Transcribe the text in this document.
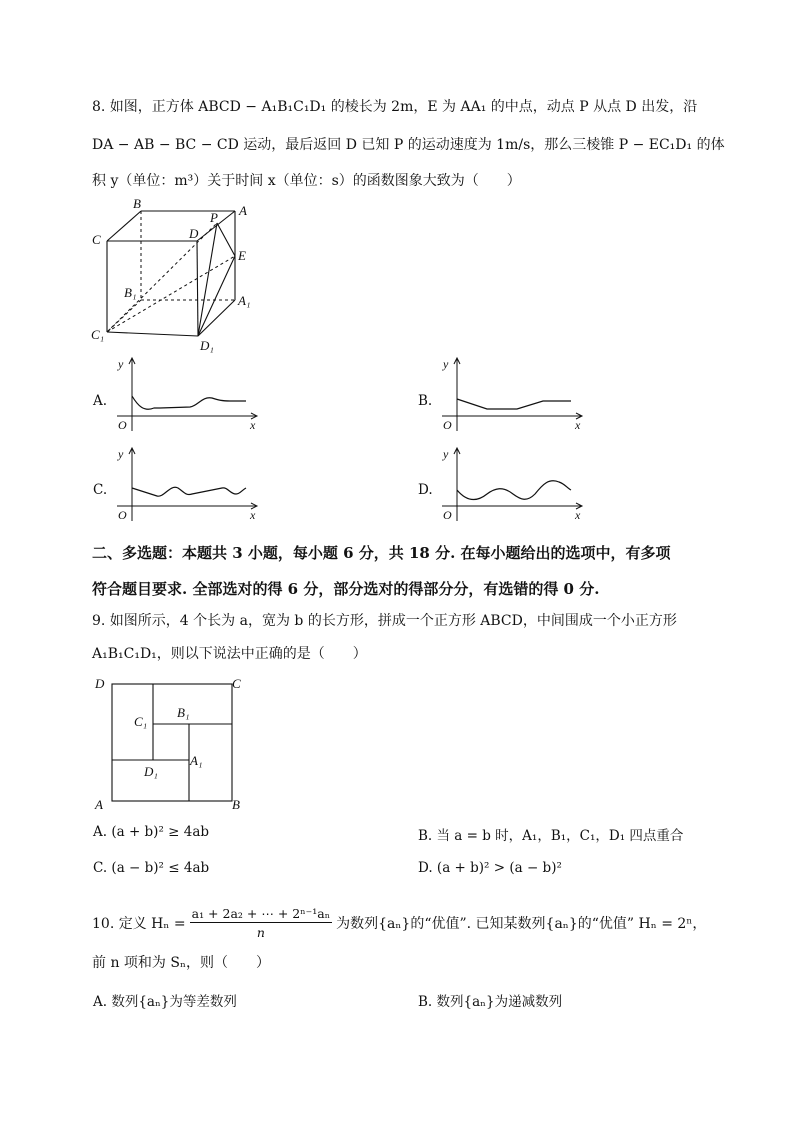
8. 如图，正方体 ABCD − A₁B₁C₁D₁ 的棱长为 2m，E 为 AA₁ 的中点，动点 P 从点 D 出发，沿
DA − AB − BC − CD 运动，最后返回 D 已知 P 的运动速度为 1m/s，那么三棱锥 P − EC₁D₁ 的体
积 y（单位：m³）关于时间 x（单位：s）的函数图象大致为（　　）
B
P A
C	D
E
B₁
A₁
C₁
D₁
A.
y
O	x
B.
y
O	x
C.
y
O	x
D.
y
O	x
二、多选题：本题共 3 小题，每小题 6 分，共 18 分. 在每小题给出的选项中，有多项
符合题目要求. 全部选对的得 6 分，部分选对的得部分分，有选错的得 0 分.
9. 如图所示，4 个长为 a，宽为 b 的长方形，拼成一个正方形 ABCD，中间围成一个小正方形
A₁B₁C₁D₁，则以下说法中正确的是（　　）
D	C
A	B
C₁
B₁
A₁
D₁
A. (a + b)² ≥ 4ab	B. 当 a = b 时，A₁，B₁，C₁，D₁ 四点重合
C. (a − b)² ≤ 4ab	D. (a + b)² > (a − b)²
10. 定义 $H_n = \frac{\text{a₁ + 2a₂ + ⋯ + 2ⁿ⁻¹aₙ}}{n}$ 为数列{aₙ}的“优值”. 已知某数列{aₙ}的“优值” Hₙ = 2ⁿ，
前 n 项和为 Sₙ，则（　　）
A. 数列{aₙ}为等差数列	B. 数列{aₙ}为递减数列
